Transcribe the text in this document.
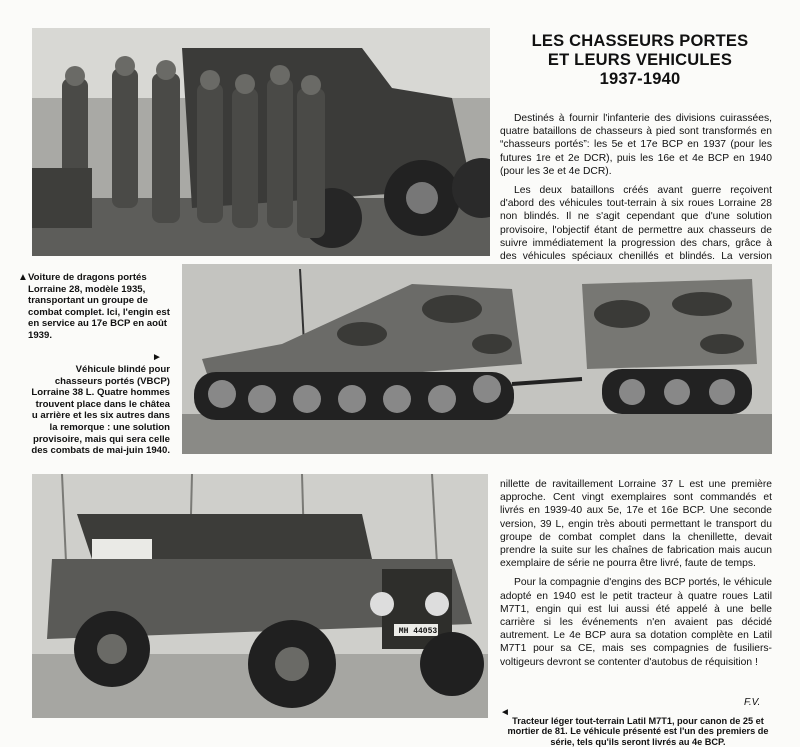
LES CHASSEURS PORTES
ET LEURS VEHICULES
1937-1940

Destinés à fournir l'infanterie des divisions cuirassées, quatre bataillons de chasseurs à pied sont transformés en “chasseurs portés”: les 5e et 17e BCP en 1937 (pour les futures 1re et 2e DCR), puis les 16e et 4e BCP en 1940 (pour les 3e et 4e DCR).

Les deux bataillons créés avant guerre reçoivent d'abord des véhicules tout-terrain à six roues Lorraine 28 non blindés. Il ne s'agit cependant que d'une solution provisoire, l'objectif étant de permettre aux chasseurs de suivre immédiatement la progression des chars, grâce à des véhicules spéciaux chenillés et blindés. La version

▲ Voiture de dragons portés Lorraine 28, modèle 1935, transportant un groupe de combat complet. Ici, l'engin est en service au 17e BCP en août 1939.
►
Véhicule blindé pour chasseurs portés (VBCP) Lorraine 38 L. Quatre hommes trouvent place dans le châtea u arrière et les six autres dans la remorque : une solution provisoire, mais qui sera celle des combats de mai-juin 1940.
MH 44053

nillette de ravitaillement Lorraine 37 L est une première approche. Cent vingt exemplaires sont commandés et livrés en 1939-40 aux 5e, 17e et 16e BCP. Une seconde version, 39 L, engin très abouti permettant le transport du groupe de combat complet dans la chenillette, devait prendre la suite sur les chaînes de fabrication mais aucun exemplaire de série ne pourra être livré, faute de temps.

Pour la compagnie d'engins des BCP portés, le véhicule adopté en 1940 est le petit tracteur à quatre roues Latil M7T1, engin qui est lui aussi été appelé à une belle carrière si les événements n'en avaient pas décidé autrement. Le 4e BCP aura sa dotation complète en Latil M7T1 pour sa CE, mais ses compagnies de fusiliers-voltigeurs devront se contenter d'autobus de réquisition !

F.V.
◄
Tracteur léger tout-terrain Latil M7T1, pour canon de 25 et mortier de 81. Le véhicule présenté est l'un des premiers de série, tels qu'ils seront livrés au 4e BCP.
